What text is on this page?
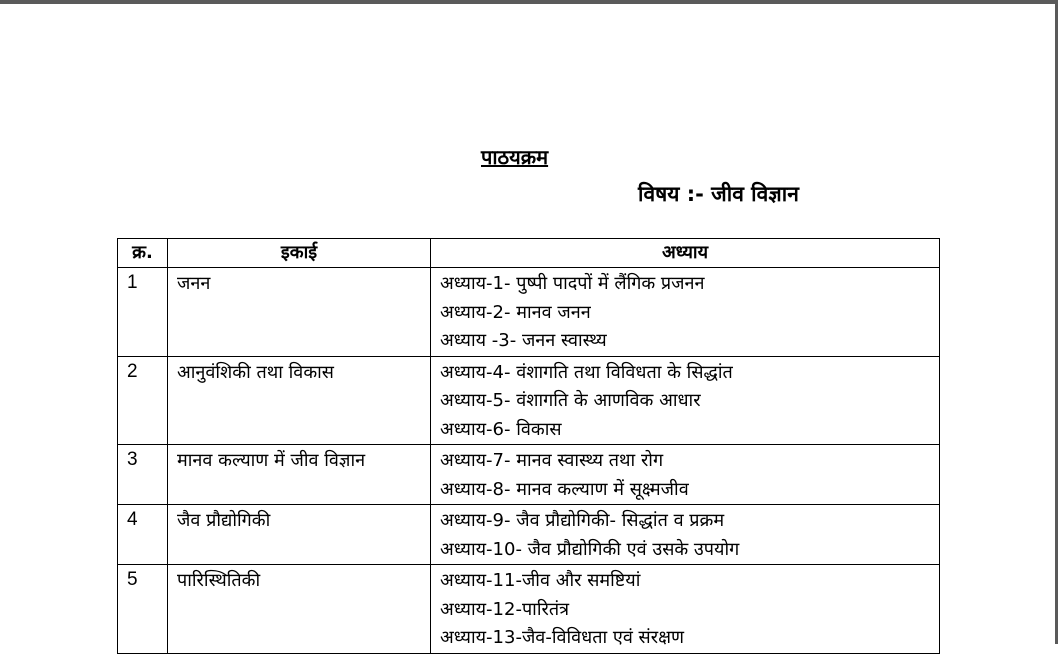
पाठयक्रम
विषय :- जीव विज्ञान
क्र.	इकाई	अध्याय
1	जनन	अध्याय-1- पुष्पी पादपों में लैंगिक प्रजनन
अध्याय-2- मानव जनन
अध्याय -3- जनन स्वास्थ्य

2	आनुवंशिकी तथा विकास	अध्याय-4- वंशागति तथा विविधता के सिद्धांत
अध्याय-5- वंशागति के आणविक आधार
अध्याय-6- विकास

3	मानव कल्याण में जीव विज्ञान	अध्याय-7- मानव स्वास्थ्य तथा रोग
अध्याय-8- मानव कल्याण में सूक्ष्मजीव

4	जैव प्रौद्योगिकी	अध्याय-9- जैव प्रौद्योगिकी- सिद्धांत व प्रक्रम
अध्याय-10- जैव प्रौद्योगिकी एवं उसके उपयोग

5	पारिस्थितिकी	अध्याय-11-जीव और समष्टियां
अध्याय-12-पारितंत्र
अध्याय-13-जैव-विविधता एवं संरक्षण
